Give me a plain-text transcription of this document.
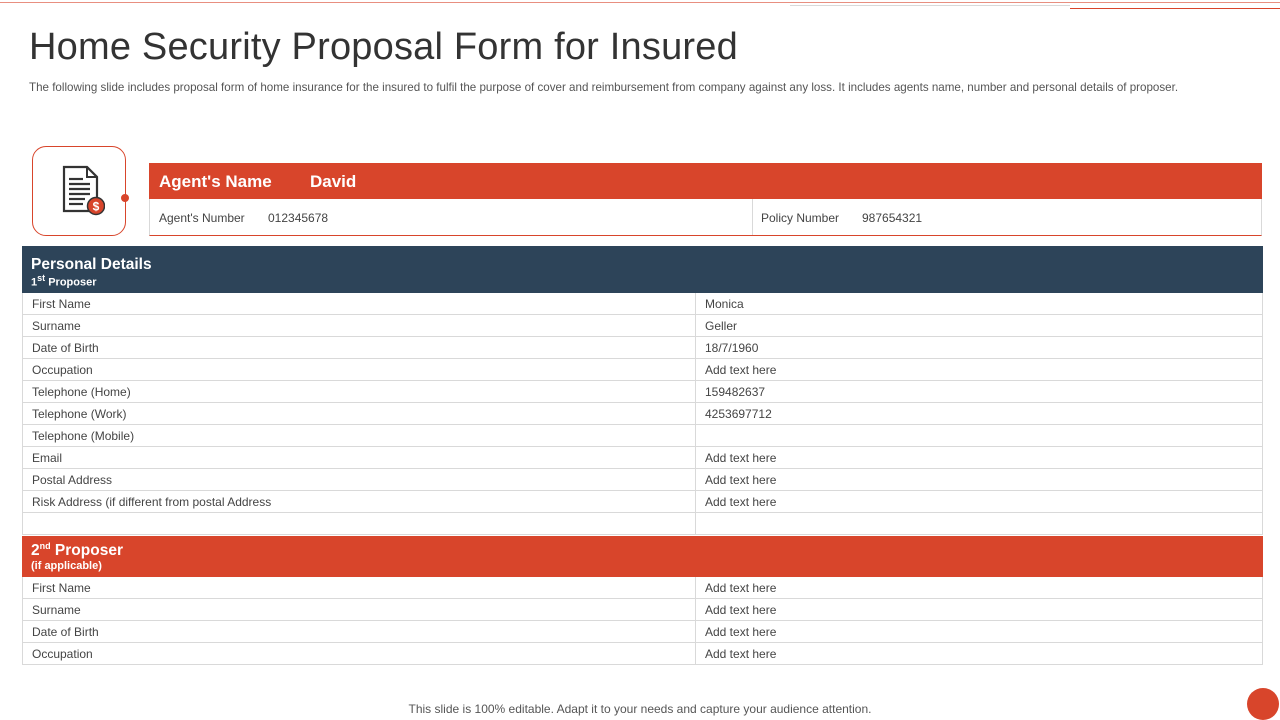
Home Security Proposal Form for Insured

The following slide includes proposal form of home insurance for the insured to fulfil the purpose of cover and reimbursement from company against any loss. It includes agents name, number and personal details of proposer.

$
Agent's Name David
Agent's Number 012345678	Policy Number 987654321
Personal Details
1st Proposer
First Name	Monica
Surname	Geller
Date of Birth	18/7/1960
Occupation	Add text here
Telephone (Home)	159482637
Telephone (Work)	4253697712
Telephone (Mobile)
Email	Add text here
Postal Address	Add text here
Risk Address (if different from postal Address	Add text here
2nd Proposer
(if applicable)
First Name	Add text here
Surname	Add text here
Date of Birth	Add text here
Occupation	Add text here

This slide is 100% editable. Adapt it to your needs and capture your audience attention.
